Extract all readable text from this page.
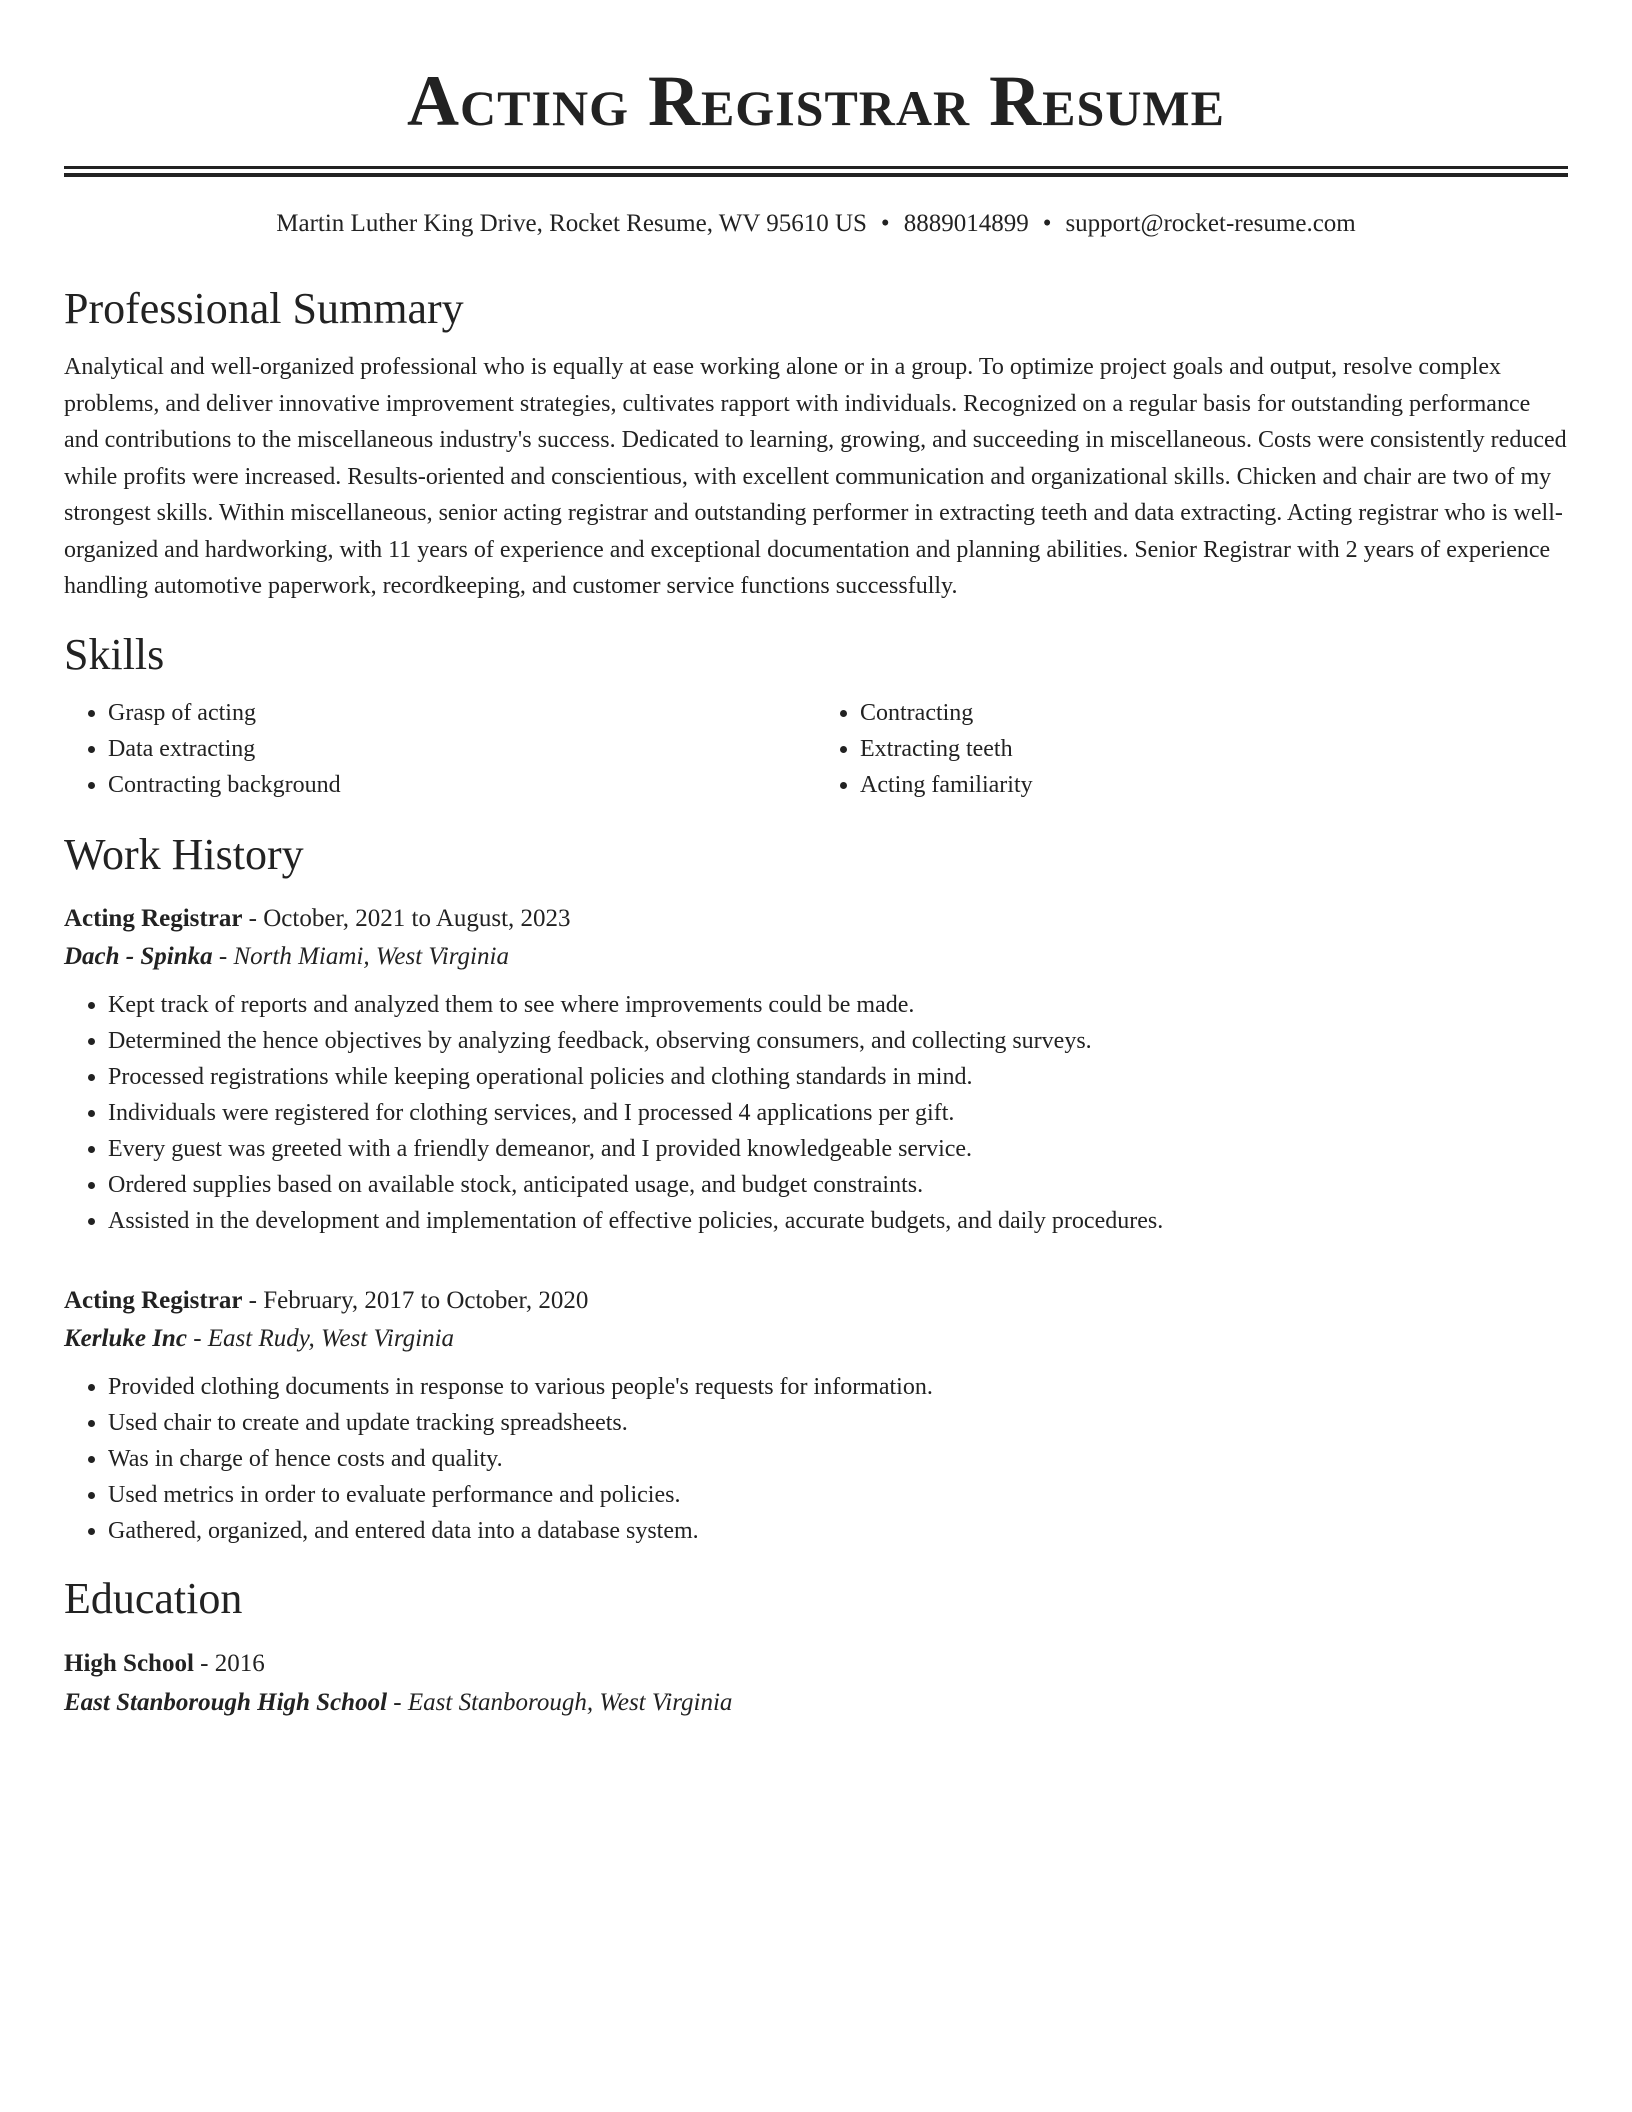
Acting Registrar Resume
Martin Luther King Drive, Rocket Resume, WV 95610 US • 8889014899 • support@rocket-resume.com
Professional Summary

Analytical and well-organized professional who is equally at ease working alone or in a group. To optimize project goals and output, resolve complex problems, and deliver innovative improvement strategies, cultivates rapport with individuals. Recognized on a regular basis for outstanding performance and contributions to the miscellaneous industry's success. Dedicated to learning, growing, and succeeding in miscellaneous. Costs were consistently reduced while profits were increased. Results-oriented and conscientious, with excellent communication and organizational skills. Chicken and chair are two of my strongest skills. Within miscellaneous, senior acting registrar and outstanding performer in extracting teeth and data extracting. Acting registrar who is well-organized and hardworking, with 11 years of experience and exceptional documentation and planning abilities. Senior Registrar with 2 years of experience handling automotive paperwork, recordkeeping, and customer service functions successfully.

Skills
• Grasp of acting
• Data extracting
• Contracting background
• Contracting
• Extracting teeth
• Acting familiarity
Work History
Acting Registrar - October, 2021 to August, 2023
Dach - Spinka - North Miami, West Virginia
• Kept track of reports and analyzed them to see where improvements could be made.
• Determined the hence objectives by analyzing feedback, observing consumers, and collecting surveys.
• Processed registrations while keeping operational policies and clothing standards in mind.
• Individuals were registered for clothing services, and I processed 4 applications per gift.
• Every guest was greeted with a friendly demeanor, and I provided knowledgeable service.
• Ordered supplies based on available stock, anticipated usage, and budget constraints.
• Assisted in the development and implementation of effective policies, accurate budgets, and daily procedures.
Acting Registrar - February, 2017 to October, 2020
Kerluke Inc - East Rudy, West Virginia
• Provided clothing documents in response to various people's requests for information.
• Used chair to create and update tracking spreadsheets.
• Was in charge of hence costs and quality.
• Used metrics in order to evaluate performance and policies.
• Gathered, organized, and entered data into a database system.
Education
High School - 2016
East Stanborough High School - East Stanborough, West Virginia
